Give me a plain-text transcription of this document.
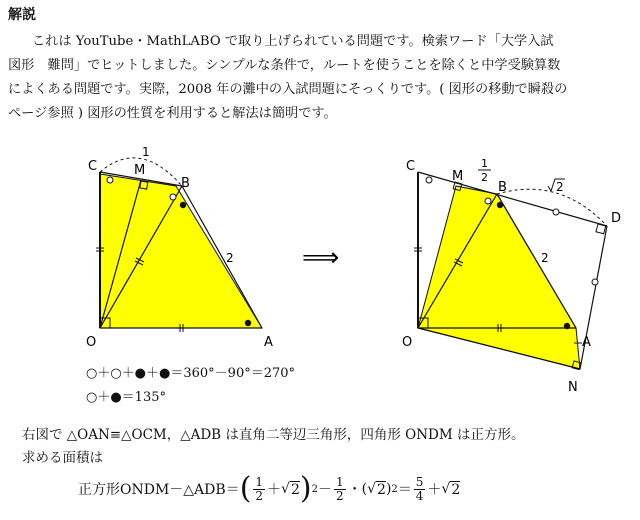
解説
これは YouTube・MathLABO で取り上げられている問題です。検索ワード「大学入試
図形　難問」でヒットしました。シンプルな条件で，ルートを使うことを除くと中学受験算数
によくある問題です。実際，2008 年の灘中の入試問題にそっくりです。( 図形の移動で瞬殺の
ページ参照 ) 図形の性質を利用すると解法は簡明です。
C	M
B
O	A
1
2	⟹
C
M
B
D
O	A
N
1
2
2
2
○＋○＋●＋●＝360°－90°＝270°
○＋●＝135°
右図で △OAN≡△OCM，△ADB は直角二等辺三角形，四角形 ONDM は正方形。
求める面積は
正方形ONDM－△ADB＝ ( $\frac{1}{2}$ ＋ √ 2 ) $2 - \frac{1}{2}$ ・ ( √ 2 ) $2 = \frac{5}{4}$ ＋ √ 2
